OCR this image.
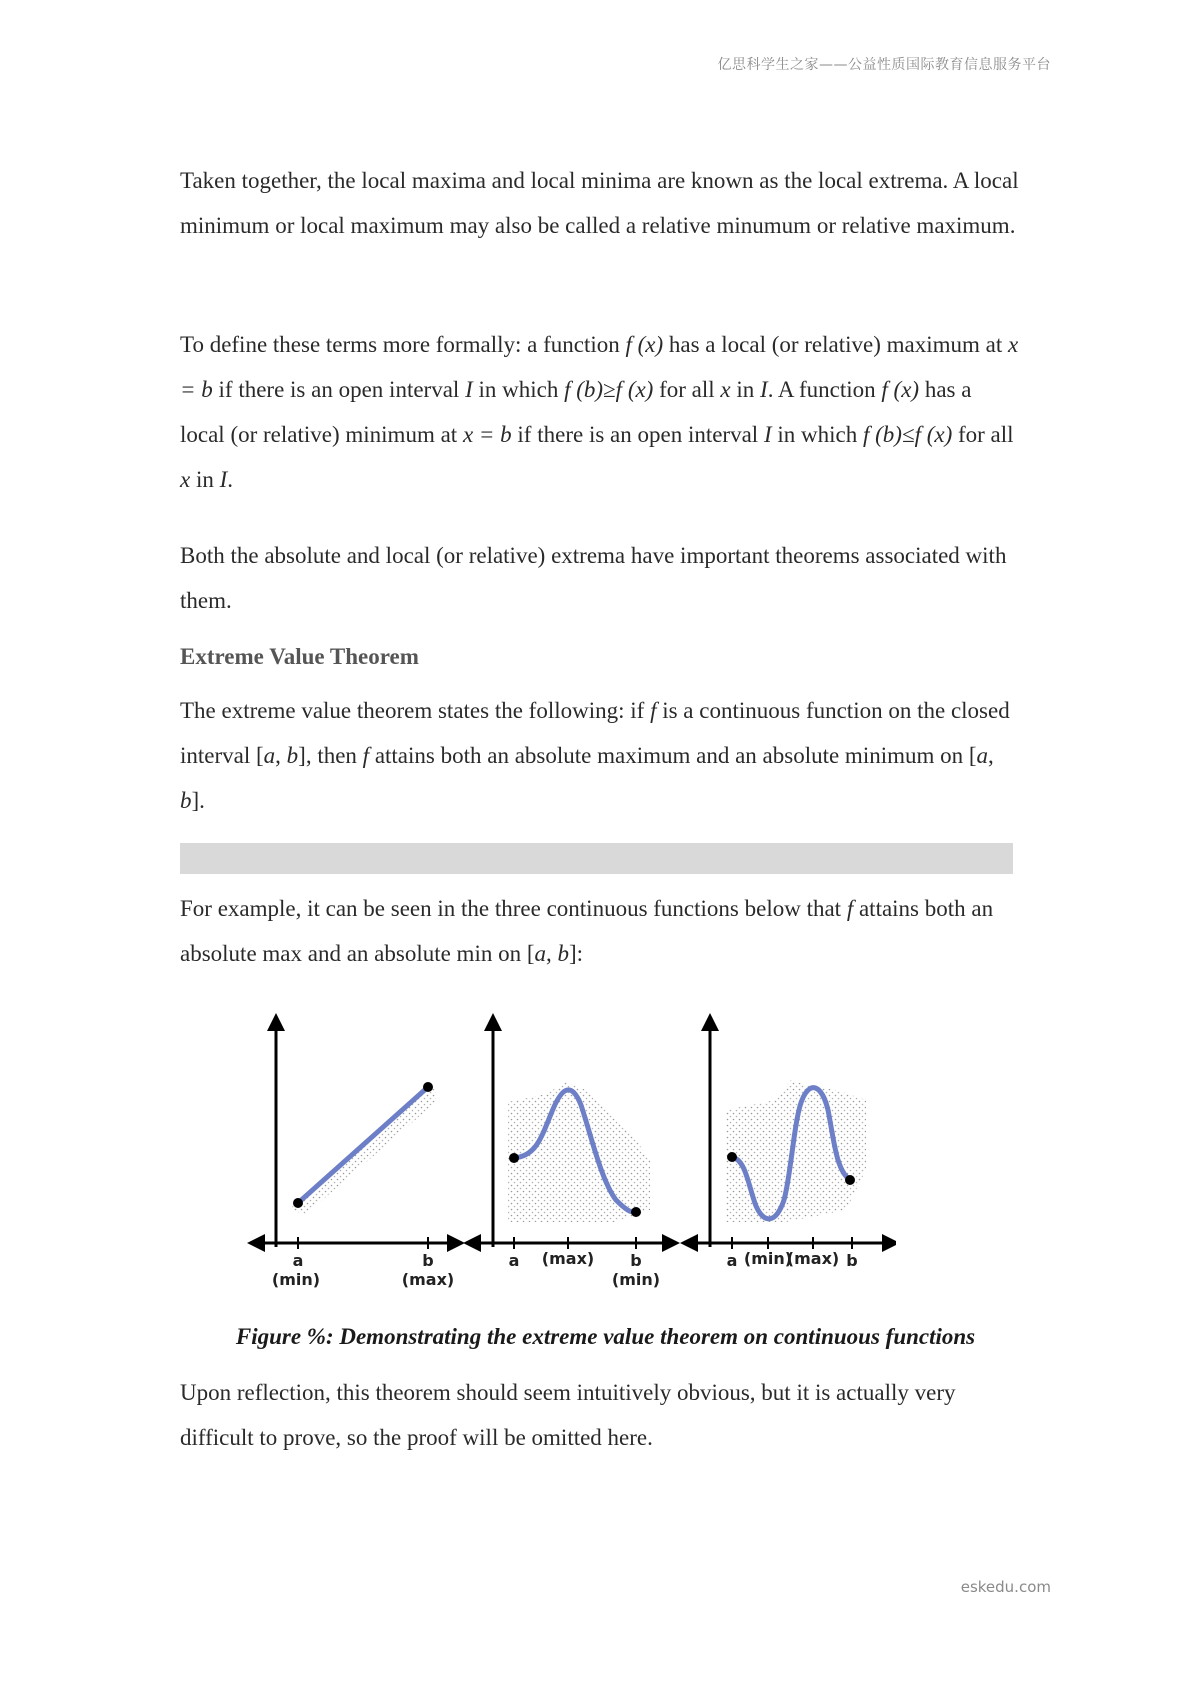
亿思科学生之家——公益性质国际教育信息服务平台

Taken together, the local maxima and local minima are known as the local extrema. A local minimum or local maximum may also be called a relative minumum or relative maximum.

To define these terms more formally: a function f (x) has a local (or relative) maximum at x = b if there is an open interval I in which f (b)≥f (x) for all x in I. A function f (x) has a local (or relative) minimum at x = b if there is an open interval I in which f (b)≤f (x) for all x in I.

Both the absolute and local (or relative) extrema have important theorems associated with them.

Extreme Value Theorem

The extreme value theorem states the following: if f is a continuous function on the closed interval [a, b], then f attains both an absolute maximum and an absolute minimum on [a, b].

For example, it can be seen in the three continuous functions below that f attains both an absolute max and an absolute min on [a, b]:

Upon reflection, this theorem should seem intuitively obvious, but it is actually very difficult to prove, so the proof will be omitted here.

a
(min)
b
(max)
a (max) b
(min)
a (min)
(max) b
Figure %: Demonstrating the extreme value theorem on continuous functions
eskedu.com
